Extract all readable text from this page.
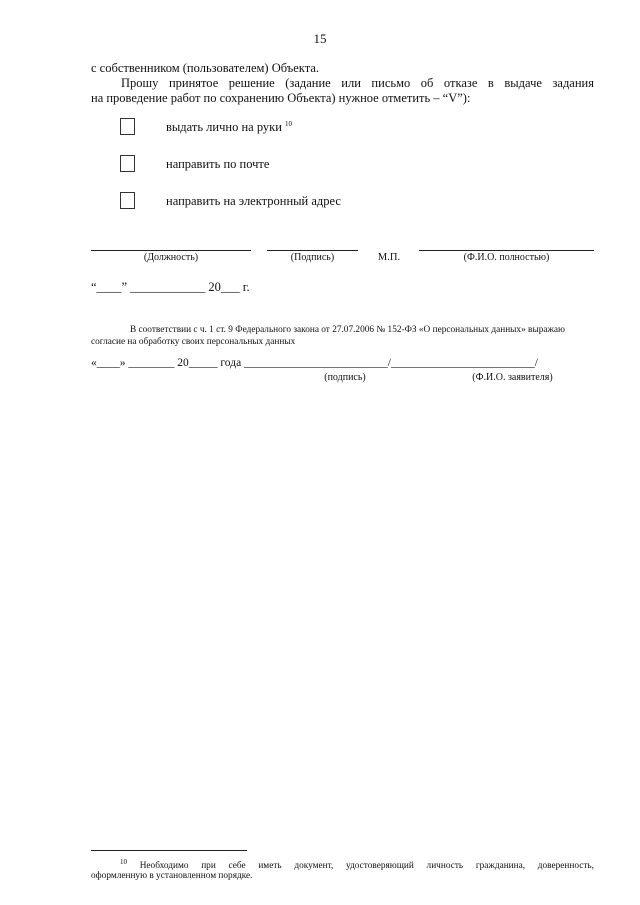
15
с собственником (пользователем) Объекта.
Прошу принятое решение (задание или письмо об отказе в выдаче задания
на проведение работ по сохранению Объекта) нужное отметить – “V”):
выдать лично на руки $^{10}$
направить по почте
направить на электронный адрес
(Должность)	(Подпись)	М.П.	(Ф.И.О. полностью)
“____” ____________ 20___ г.
В соответствии с ч. 1 ст. 9 Федерального закона от 27.07.2006 № 152-ФЗ «О персональных данных» выражаю
согласие на обработку своих персональных данных
«____» ________ 20_____ года _________________________/_________________________/
(подпись)	(Ф.И.О. заявителя)
$^{10}$ Необходимо при себе иметь документ, удостоверяющий личность гражданина, доверенность,
оформленную в установленном порядке.
